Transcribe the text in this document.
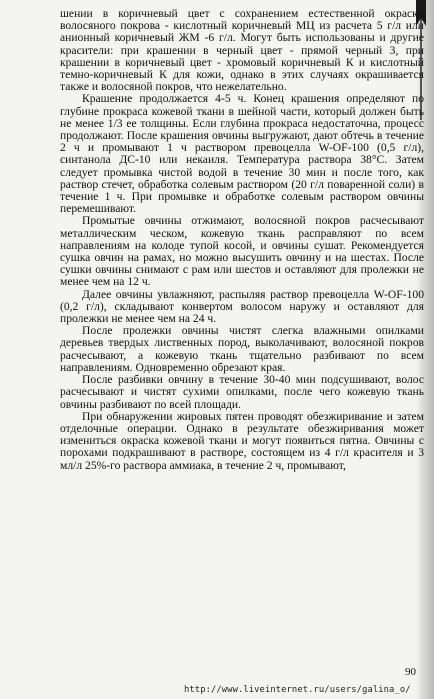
шении в коричневый цвет с сохранением естественной окраски волосяного покрова - кислотный коричневый МЦ из расчета 5 г/л или анионный коричневый ЖМ -6 г/л. Могут быть использованы и другие красители: при крашении в черный цвет - прямой черный 3, при крашении в коричневый цвет - хромовый коричневый К и кислотный темно-коричневый К для кожи, однако в этих случаях окрашивается также и волосяной покров, что нежелательно.

Крашение продолжается 4-5 ч. Конец крашения определяют по глубине прокраса кожевой ткани в шейной части, который должен быть не менее 1/3 ее толщины. Если глубина прокраса недостаточна, процесс продолжают. После крашения овчины выгружают, дают обтечь в течение 2 ч и промывают 1 ч раствором превоцелла W-OF-100 (0,5 г/л), синтанола ДС-10 или некаиля. Температура раствора 38°С. Затем следует промывка чистой водой в течение 30 мин и после того, как раствор стечет, обработка солевым раствором (20 г/л поваренной соли) в течение 1 ч. При промывке и обработке солевым раствором овчины перемешивают.

Промытые овчины отжимают, волосяной покров расчесывают металлическим ческом, кожевую ткань расправляют по всем направлениям на колоде тупой косой, и овчины сушат. Рекомендуется сушка овчин на рамах, но можно высушить овчину и на шестах. После сушки овчины снимают с рам или шестов и оставляют для пролежки не менее чем на 12 ч.

Далее овчины увлажняют, распыляя раствор превоцелла W-OF-100 (0,2 г/л), складывают конвертом волосом наружу и оставляют для пролежки не менее чем на 24 ч.

После пролежки овчины чистят слегка влажными опилками деревьев твердых лиственных пород, выколачивают, волосяной покров расчесывают, а кожевую ткань тщательно разбивают по всем направлениям. Одновременно обрезают края.

После разбивки овчину в течение 30-40 мин подсушивают, волос расчесывают и чистят сухими опилками, после чего кожевую ткань овчины разбивают по всей площади.

При обнаружении жировых пятен проводят обезжиривание и затем отделочные операции. Однако в результате обезжиривания может измениться окраска кожевой ткани и могут появиться пятна. Овчины с порохами подкрашивают в растворе, состоящем из 4 г/л красителя и 3 мл/л 25%-го раствора аммиака, в течение 2 ч, промывают,

90
http://www.liveinternet.ru/users/galina_o/
